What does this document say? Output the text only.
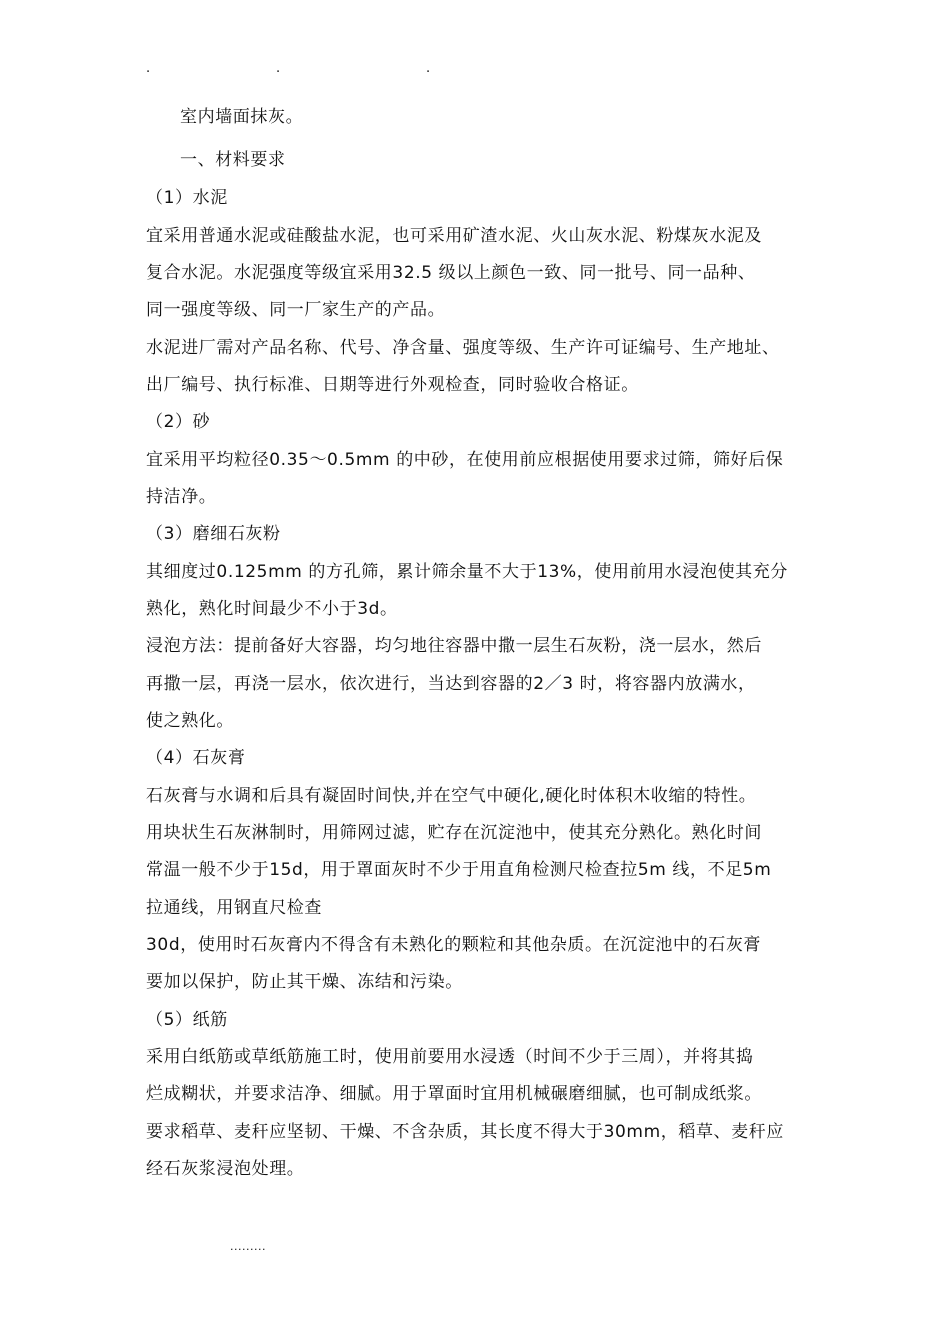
.	.	.
室内墙面抹灰。
一、材料要求
（1）水泥
宜采用普通水泥或硅酸盐水泥，也可采用矿渣水泥、火山灰水泥、粉煤灰水泥及
复合水泥。水泥强度等级宜采用32.5 级以上颜色一致、同一批号、同一品种、
同一强度等级、同一厂家生产的产品。
水泥进厂需对产品名称、代号、净含量、强度等级、生产许可证编号、生产地址、
出厂编号、执行标准、日期等进行外观检查，同时验收合格证。
（2）砂
宜采用平均粒径0.35～0.5mm 的中砂，在使用前应根据使用要求过筛，筛好后保
持洁净。
（3）磨细石灰粉
其细度过0.125mm 的方孔筛，累计筛余量不大于13%，使用前用水浸泡使其充分
熟化，熟化时间最少不小于3d。
浸泡方法：提前备好大容器，均匀地往容器中撒一层生石灰粉，浇一层水，然后
再撒一层，再浇一层水，依次进行，当达到容器的2／3 时，将容器内放满水，
使之熟化。
（4）石灰膏
石灰膏与水调和后具有凝固时间快,并在空气中硬化,硬化时体积木收缩的特性。
用块状生石灰淋制时，用筛网过滤，贮存在沉淀池中，使其充分熟化。熟化时间
常温一般不少于15d，用于罩面灰时不少于用直角检测尺检查拉5m 线，不足5m
拉通线，用钢直尺检查
30d，使用时石灰膏内不得含有未熟化的颗粒和其他杂质。在沉淀池中的石灰膏
要加以保护，防止其干燥、冻结和污染。
（5）纸筋
采用白纸筋或草纸筋施工时，使用前要用水浸透（时间不少于三周），并将其捣
烂成糊状，并要求洁净、细腻。用于罩面时宜用机械碾磨细腻，也可制成纸浆。
要求稻草、麦秆应坚韧、干燥、不含杂质，其长度不得大于30mm，稻草、麦秆应
经石灰浆浸泡处理。
.........
